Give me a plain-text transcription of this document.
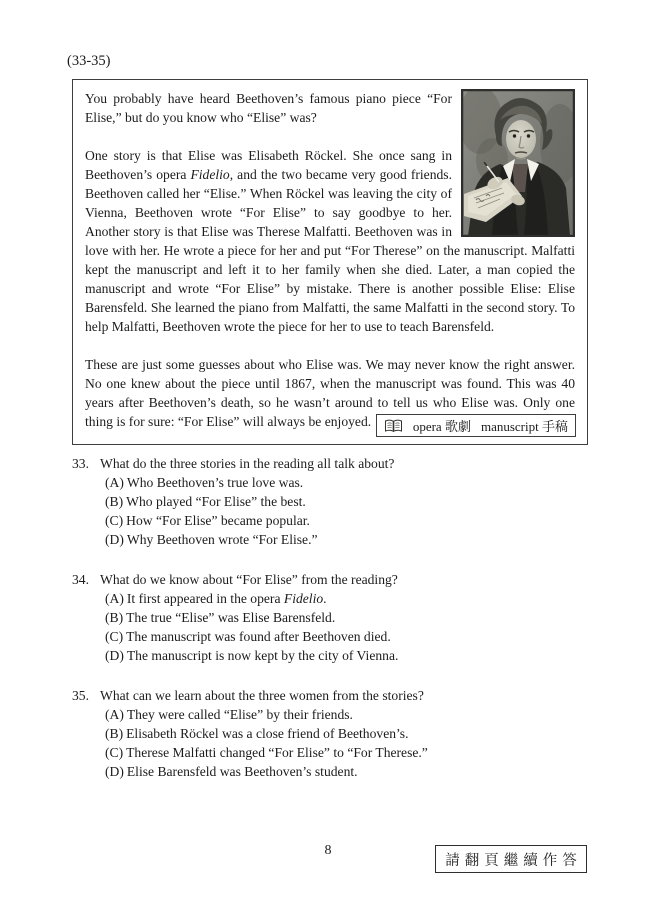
(33-35)

You probably have heard Beethoven’s famous piano piece “For Elise,” but do you know who “Elise” was?

One story is that Elise was Elisabeth Röckel. She once sang in Beethoven’s opera Fidelio, and the two became very good friends. Beethoven called her “Elise.” When Röckel was leaving the city of Vienna, Beethoven wrote “For Elise” to say goodbye to her. Another story is that Elise was Therese Malfatti. Beethoven was in love with her. He wrote a piece for her and put “For Therese” on the manuscript. Malfatti kept the manuscript and left it to her family when she died. Later, a man copied the manuscript and wrote “For Elise” by mistake. There is another possible Elise: Elise Barensfeld. She learned the piano from Malfatti, the same Malfatti in the second story. To help Malfatti, Beethoven wrote the piece for her to use to teach Barensfeld.

These are just some guesses about who Elise was. We may never know the right answer. No one knew about the piece until 1867, when the manuscript was found. This was 40 years after Beethoven’s death, so he wasn’t around to tell us who Elise was. Only one thing is for sure: “For Elise” will always be enjoyed.	opera 歌劇 manuscript 手稿
33. What do the three stories in the reading all talk about?
(A) Who Beethoven’s true love was.
(B) Who played “For Elise” the best.
(C) How “For Elise” became popular.
(D) Why Beethoven wrote “For Elise.”
34. What do we know about “For Elise” from the reading?
(A) It first appeared in the opera Fidelio.
(B) The true “Elise” was Elise Barensfeld.
(C) The manuscript was found after Beethoven died.
(D) The manuscript is now kept by the city of Vienna.
35. What can we learn about the three women from the stories?
(A) They were called “Elise” by their friends.
(B) Elisabeth Röckel was a close friend of Beethoven’s.
(C) Therese Malfatti changed “For Elise” to “For Therese.”
(D) Elise Barensfeld was Beethoven’s student.
8
請翻頁繼續作答
